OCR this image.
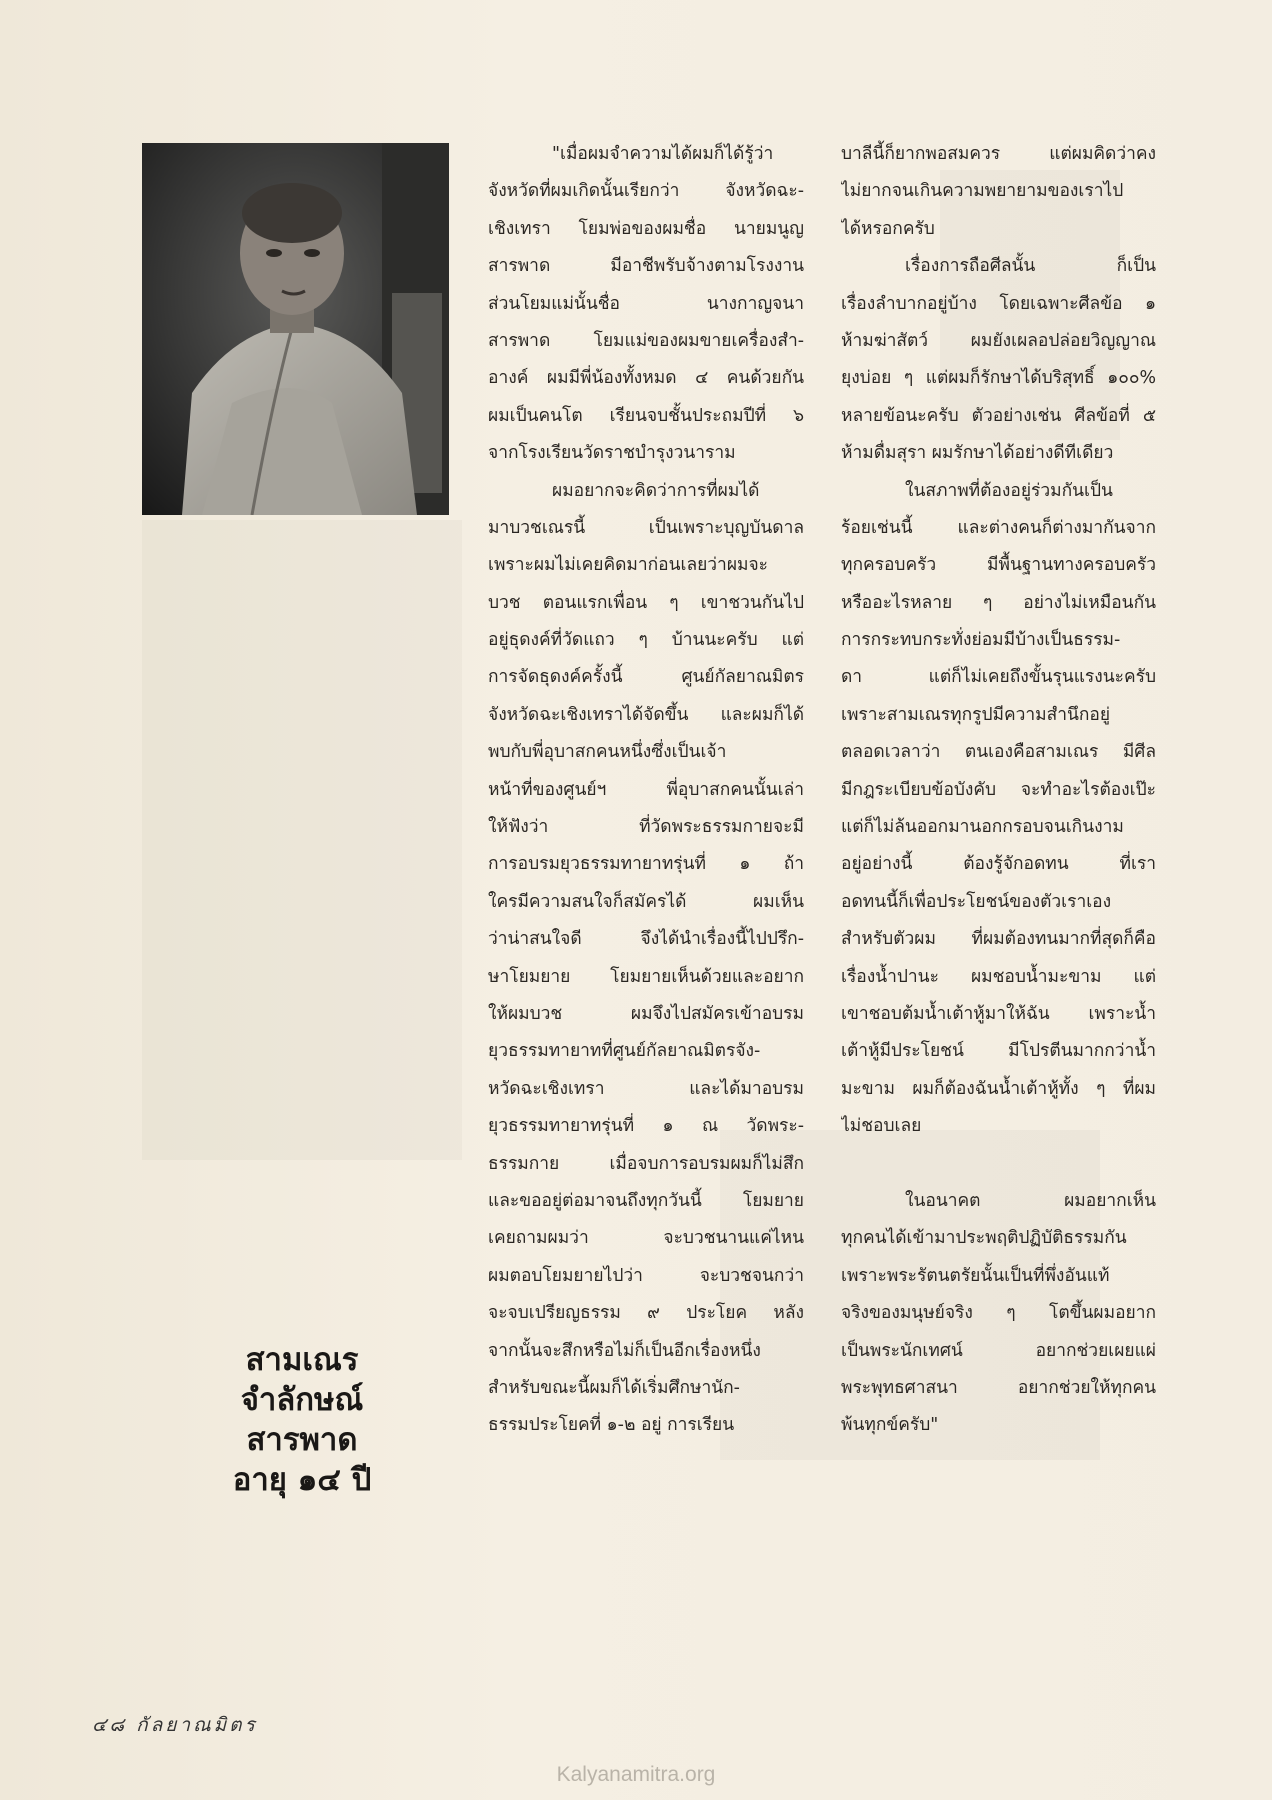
"เมื่อผมจำความได้ผมก็ได้รู้ว่า
จังหวัดที่ผมเกิดนั้นเรียกว่า จังหวัดฉะ-
เชิงเทรา โยมพ่อของผมชื่อ นายมนูญ
สารพาด มีอาชีพรับจ้างตามโรงงาน
ส่วนโยมแม่นั้นชื่อ นางกาญจนา
สารพาด โยมแม่ของผมขายเครื่องสำ-
อางค์ ผมมีพี่น้องทั้งหมด ๔ คนด้วยกัน
ผมเป็นคนโต เรียนจบชั้นประถมปีที่ ๖
จากโรงเรียนวัดราชบำรุงวนาราม
ผมอยากจะคิดว่าการที่ผมได้
มาบวชเณรนี้ เป็นเพราะบุญบันดาล
เพราะผมไม่เคยคิดมาก่อนเลยว่าผมจะ
บวช ตอนแรกเพื่อน ๆ เขาชวนกันไป
อยู่ธุดงค์ที่วัดแถว ๆ บ้านนะครับ แต่
การจัดธุดงค์ครั้งนี้ ศูนย์กัลยาณมิตร
จังหวัดฉะเชิงเทราได้จัดขึ้น และผมก็ได้
พบกับพี่อุบาสกคนหนึ่งซึ่งเป็นเจ้า
หน้าที่ของศูนย์ฯ พี่อุบาสกคนนั้นเล่า
ให้ฟังว่า ที่วัดพระธรรมกายจะมี
การอบรมยุวธรรมทายาทรุ่นที่ ๑ ถ้า
ใครมีความสนใจก็สมัครได้ ผมเห็น
ว่าน่าสนใจดี จึงได้นำเรื่องนี้ไปปรึก-
ษาโยมยาย โยมยายเห็นด้วยและอยาก
ให้ผมบวช ผมจึงไปสมัครเข้าอบรม
ยุวธรรมทายาทที่ศูนย์กัลยาณมิตรจัง-
หวัดฉะเชิงเทรา และได้มาอบรม
ยุวธรรมทายาทรุ่นที่ ๑ ณ วัดพระ-
ธรรมกาย เมื่อจบการอบรมผมก็ไม่สึก
และขออยู่ต่อมาจนถึงทุกวันนี้ โยมยาย
เคยถามผมว่า จะบวชนานแค่ไหน
ผมตอบโยมยายไปว่า จะบวชจนกว่า
จะจบเปรียญธรรม ๙ ประโยค หลัง
จากนั้นจะสึกหรือไม่ก็เป็นอีกเรื่องหนึ่ง
สำหรับขณะนี้ผมก็ได้เริ่มศึกษานัก-
ธรรมประโยคที่ ๑-๒ อยู่ การเรียน
บาลีนี้ก็ยากพอสมควร แต่ผมคิดว่าคง
ไม่ยากจนเกินความพยายามของเราไป
ได้หรอกครับ
เรื่องการถือศีลนั้น ก็เป็น
เรื่องลำบากอยู่บ้าง โดยเฉพาะศีลข้อ ๑
ห้ามฆ่าสัตว์ ผมยังเผลอปล่อยวิญญาณ
ยุงบ่อย ๆ แต่ผมก็รักษาได้บริสุทธิ์ ๑๐๐%
หลายข้อนะครับ ตัวอย่างเช่น ศีลข้อที่ ๕
ห้ามดื่มสุรา ผมรักษาได้อย่างดีทีเดียว
ในสภาพที่ต้องอยู่ร่วมกันเป็น
ร้อยเช่นนี้ และต่างคนก็ต่างมากันจาก
ทุกครอบครัว มีพื้นฐานทางครอบครัว
หรืออะไรหลาย ๆ อย่างไม่เหมือนกัน
การกระทบกระทั่งย่อมมีบ้างเป็นธรรม-
ดา แต่ก็ไม่เคยถึงขั้นรุนแรงนะครับ
เพราะสามเณรทุกรูปมีความสำนึกอยู่
ตลอดเวลาว่า ตนเองคือสามเณร มีศีล
มีกฎระเบียบข้อบังคับ จะทำอะไรต้องเป๊ะ
แต่ก็ไม่ล้นออกมานอกกรอบจนเกินงาม
อยู่อย่างนี้ ต้องรู้จักอดทน ที่เรา
อดทนนี้ก็เพื่อประโยชน์ของตัวเราเอง
สำหรับตัวผม ที่ผมต้องทนมากที่สุดก็คือ
เรื่องน้ำปานะ ผมชอบน้ำมะขาม แต่
เขาชอบต้มน้ำเต้าหู้มาให้ฉัน เพราะน้ำ
เต้าหู้มีประโยชน์ มีโปรตีนมากกว่าน้ำ
มะขาม ผมก็ต้องฉันน้ำเต้าหู้ทั้ง ๆ ที่ผม
ไม่ชอบเลย
ในอนาคต ผมอยากเห็น
ทุกคนได้เข้ามาประพฤติปฏิบัติธรรมกัน
เพราะพระรัตนตรัยนั้นเป็นที่พึ่งอันแท้
จริงของมนุษย์จริง ๆ โตขึ้นผมอยาก
เป็นพระนักเทศน์ อยากช่วยเผยแผ่
พระพุทธศาสนา อยากช่วยให้ทุกคน
พ้นทุกข์ครับ"
สามเณร
จำลักษณ์
สารพาด
อายุ ๑๔ ปี
๔๘ กัลยาณมิตร
Kalyanamitra.org
